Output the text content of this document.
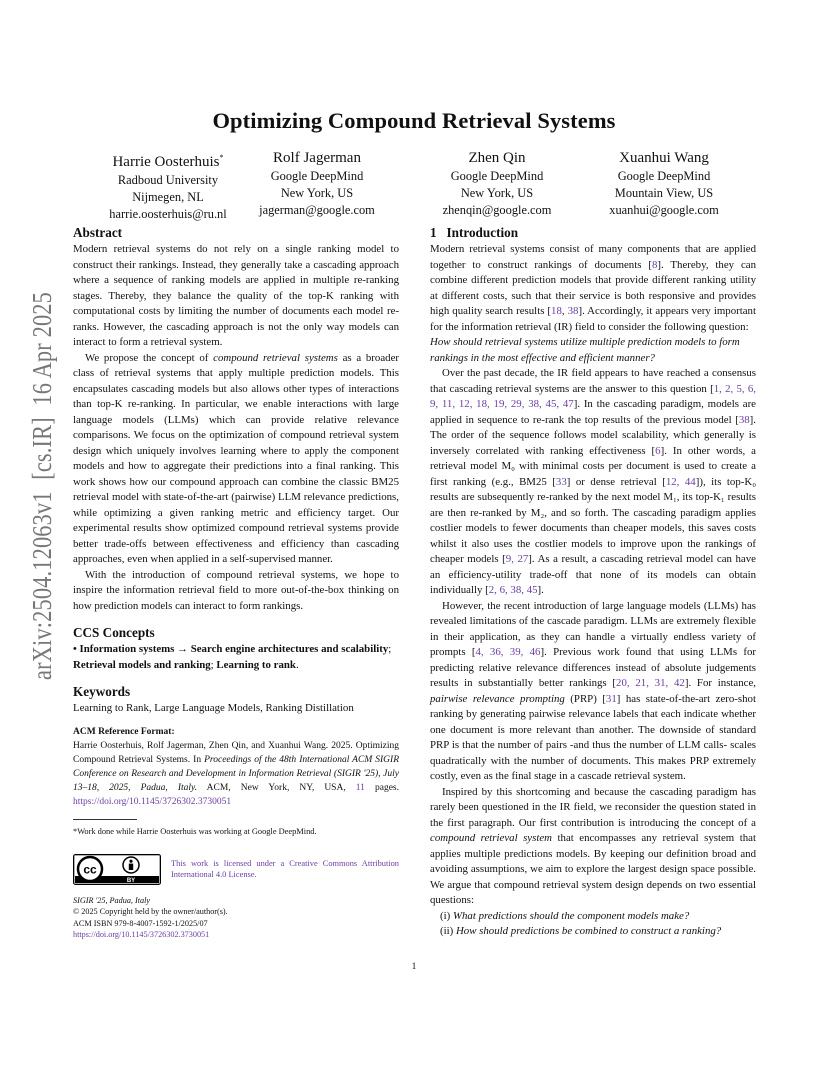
arXiv:2504.12063v1  [cs.IR]  16 Apr 2025
Optimizing Compound Retrieval Systems
Harrie Oosterhuis*
Radboud University
Nijmegen, NL
harrie.oosterhuis@ru.nl
Rolf Jagerman
Google DeepMind
New York, US
jagerman@google.com
Zhen Qin
Google DeepMind
New York, US
zhenqin@google.com
Xuanhui Wang
Google DeepMind
Mountain View, US
xuanhui@google.com
Abstract

Modern retrieval systems do not rely on a single ranking model to construct their rankings. Instead, they generally take a cascading approach where a sequence of ranking models are applied in multiple re-ranking stages. Thereby, they balance the quality of the top-K ranking with computational costs by limiting the number of documents each model re-ranks. However, the cascading approach is not the only way models can interact to form a retrieval system.

We propose the concept of compound retrieval systems as a broader class of retrieval systems that apply multiple prediction models. This encapsulates cascading models but also allows other types of interactions than top-K re-ranking. In particular, we enable interactions with large language models (LLMs) which can provide relative relevance comparisons. We focus on the optimization of compound retrieval system design which uniquely involves learning where to apply the component models and how to aggregate their predictions into a final ranking. This work shows how our compound approach can combine the classic BM25 retrieval model with state-of-the-art (pairwise) LLM relevance predictions, while optimizing a given ranking metric and efficiency target. Our experimental results show optimized compound retrieval systems provide better trade-offs between effectiveness and efficiency than cascading approaches, even when applied in a self-supervised manner.

With the introduction of compound retrieval systems, we hope to inspire the information retrieval field to more out-of-the-box thinking on how prediction models can interact to form rankings.

CCS Concepts

• Information systems → Search engine architectures and scalability; Retrieval models and ranking; Learning to rank.

Keywords

Learning to Rank, Large Language Models, Ranking Distillation

ACM Reference Format:
Harrie Oosterhuis, Rolf Jagerman, Zhen Qin, and Xuanhui Wang. 2025. Optimizing Compound Retrieval Systems. In Proceedings of the 48th International ACM SIGIR Conference on Research and Development in Information Retrieval (SIGIR '25), July 13–18, 2025, Padua, Italy. ACM, New York, NY, USA, 11 pages. https://doi.org/10.1145/3726302.3730051
*Work done while Harrie Oosterhuis was working at Google DeepMind.
cc
BY
This work is licensed under a Creative Commons Attribution International 4.0 License.
SIGIR '25, Padua, Italy
© 2025 Copyright held by the owner/author(s).
ACM ISBN 979-8-4007-1592-1/2025/07
https://doi.org/10.1145/3726302.3730051
1 Introduction

Modern retrieval systems consist of many components that are applied together to construct rankings of documents [8]. Thereby, they can combine different prediction models that provide different ranking utility at different costs, such that their service is both responsive and provides high quality search results [18, 38]. Accordingly, it appears very important for the information retrieval (IR) field to consider the following question:

How should retrieval systems utilize multiple prediction models to form rankings in the most effective and efficient manner?

Over the past decade, the IR field appears to have reached a consensus that cascading retrieval systems are the answer to this question [1, 2, 5, 6, 9, 11, 12, 18, 19, 29, 38, 45, 47]. In the cascading paradigm, models are applied in sequence to re-rank the top results of the previous model [38]. The order of the sequence follows model scalability, which generally is inversely correlated with ranking effectiveness [6]. In other words, a retrieval model M₀ with minimal costs per document is used to create a first ranking (e.g., BM25 [33] or dense retrieval [12, 44]), its top-K₀ results are subsequently re-ranked by the next model M₁, its top-K₁ results are then re-ranked by M₂, and so forth. The cascading paradigm applies costlier models to fewer documents than cheaper models, this saves costs whilst it also uses the costlier models to improve upon the rankings of cheaper models [9, 27]. As a result, a cascading retrieval model can have an efficiency-utility trade-off that none of its models can obtain individually [2, 6, 38, 45].

However, the recent introduction of large language models (LLMs) has revealed limitations of the cascade paradigm. LLMs are extremely flexible in their application, as they can handle a virtually endless variety of prompts [4, 36, 39, 46]. Previous work found that using LLMs for predicting relative relevance differences instead of absolute judgements results in substantially better rankings [20, 21, 31, 42]. For instance, pairwise relevance prompting (PRP) [31] has state-of-the-art zero-shot ranking by generating pairwise relevance labels that each indicate whether one document is more relevant than another. The downside of standard PRP is that the number of pairs -and thus the number of LLM calls- scales quadratically with the number of documents. This makes PRP extremely costly, even as the final stage in a cascade retrieval system.

Inspired by this shortcoming and because the cascading paradigm has rarely been questioned in the IR field, we reconsider the question stated in the first paragraph. Our first contribution is introducing the concept of a compound retrieval system that encompasses any retrieval system that applies multiple predictions models. By keeping our definition broad and avoiding assumptions, we aim to explore the largest design space possible. We argue that compound retrieval system design depends on two essential questions:

(i) What predictions should the component models make?
(ii) How should predictions be combined to construct a ranking?
1
